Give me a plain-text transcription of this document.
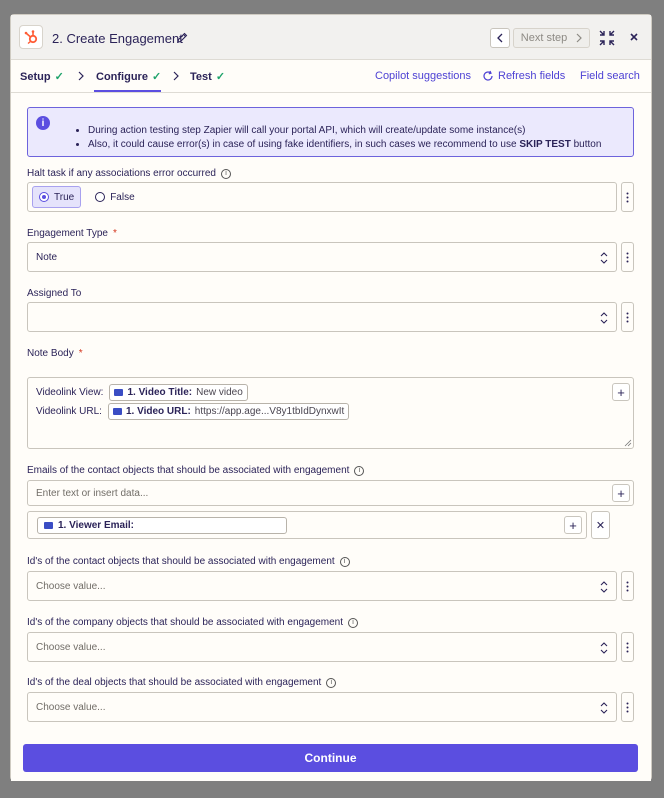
2. Create Engagement	Next step
Setup ✓	Configure ✓	Test ✓	Copilot suggestions Refresh fields Field search
i
• During action testing step Zapier will call your portal API, which will create/update some instance(s)
• Also, it could cause error(s) in case of using fake identifiers, in such cases we recommend to use SKIP TEST button
Halt task if any associations error occurred	i
True	False
Engagement Type *
Note
Assigned To
Note Body *
Videolink View: 1. Video Title: New video
Videolink URL: 1. Video URL: https://app.age...V8y1tbIdDynxwIt
+
Emails of the contact objects that should be associated with engagement	i
Enter text or insert data...	+
1. Viewer Email:	+ ✕
Id's of the contact objects that should be associated with engagement	i
Choose value...
Id's of the company objects that should be associated with engagement	i
Choose value...
Id's of the deal objects that should be associated with engagement	i
Choose value...
Continue
